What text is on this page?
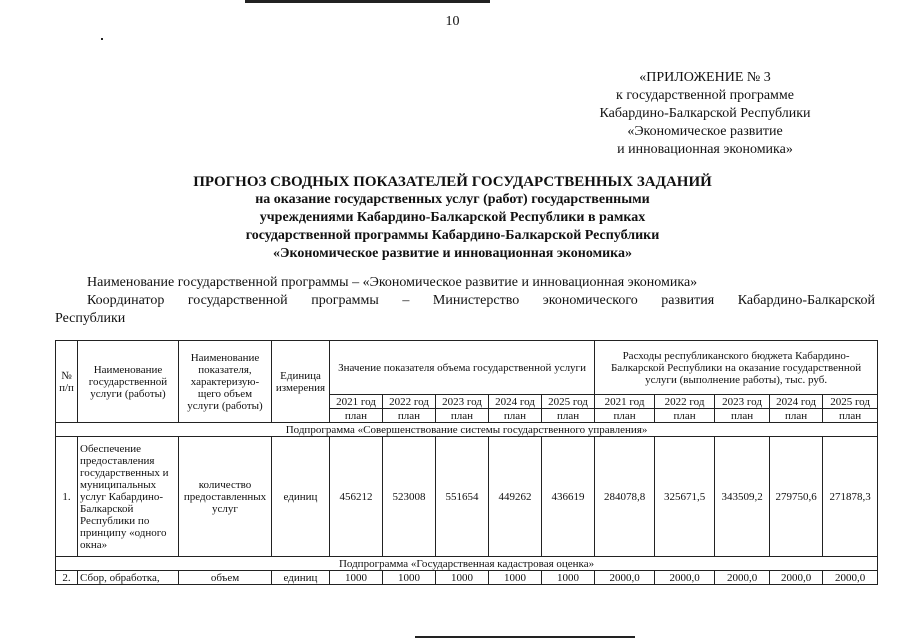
10
«ПРИЛОЖЕНИЕ № 3
к государственной программе
Кабардино-Балкарской Республики
«Экономическое развитие
и инновационная экономика»
ПРОГНОЗ СВОДНЫХ ПОКАЗАТЕЛЕЙ ГОСУДАРСТВЕННЫХ ЗАДАНИЙ
на оказание государственных услуг (работ) государственными
учреждениями Кабардино-Балкарской Республики в рамках
государственной программы Кабардино-Балкарской Республики
«Экономическое развитие и инновационная экономика»

Наименование государственной программы – «Экономическое развитие и инновационная экономика»

Координатор государственной программы – Министерство экономического развития Кабардино-Балкарской

Республики
№ п/п	Наименование государственной услуги (работы)	Наименование показателя, характеризую-щего объем услуги (работы)	Единица измерения	Значение показателя объема государственной услуги					Расходы республиканского бюджета Кабардино-Балкарской Республики на оказание государственной услуги (выполнение работы), тыс. руб.				
				2021 год	2022 год	2023 год	2024 год	2025 год	2021 год	2022 год	2023 год	2024 год	2025 год
				план	план	план	план	план	план	план	план	план	план
Подпрограмма «Совершенствование системы государственного управления»													
1.	Обеспечение предоставления государственных и муниципальных услуг Кабардино-Балкарской Республики по принципу «одного окна»	количество предоставленных услуг	единиц	456212	523008	551654	449262	436619	284078,8	325671,5	343509,2	279750,6	271878,3
Подпрограмма «Государственная кадастровая оценка»													
2.	Сбор, обработка,	объем	единиц	1000	1000	1000	1000	1000	2000,0	2000,0	2000,0	2000,0	2000,0
